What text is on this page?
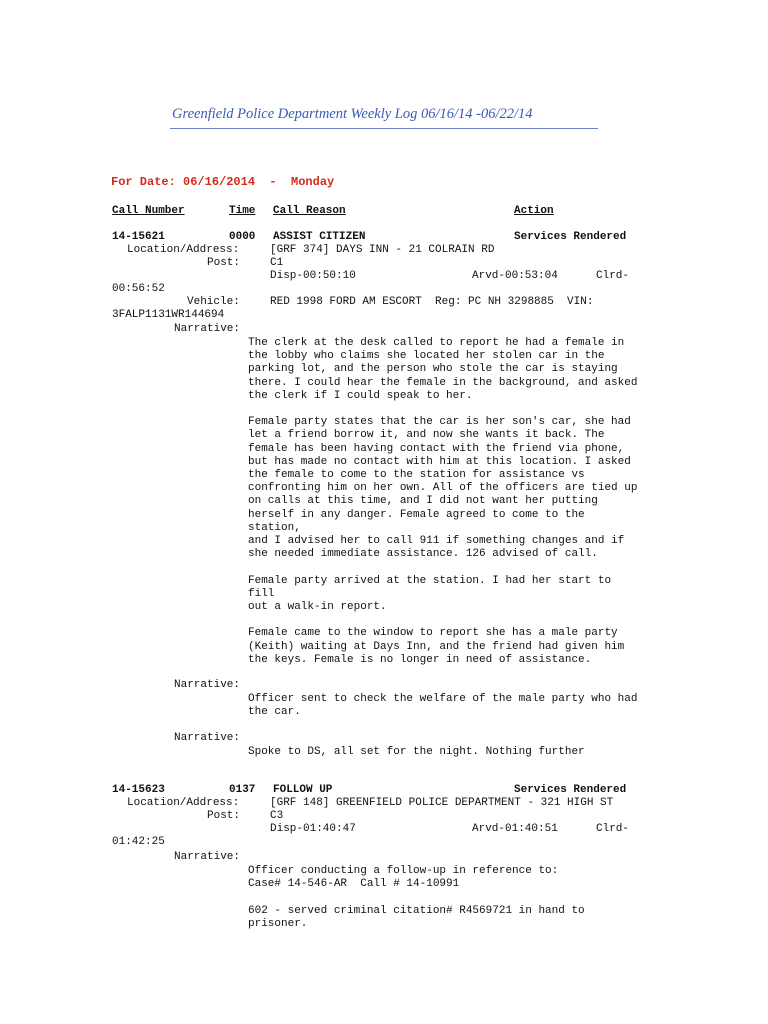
Greenfield Police Department Weekly Log 06/16/14 -06/22/14
For Date: 06/16/2014  -  Monday
Call Number	Time Call Reason	Action
14-15621	0000 ASSIST CITIZEN	Services Rendered
Location/Address:	[GRF 374] DAYS INN - 21 COLRAIN RD
Post:	C1
Disp-00:50:10	Arvd-00:53:04	Clrd-
00:56:52
Vehicle:	RED 1998 FORD AM ESCORT  Reg: PC NH 3298885  VIN:
3FALP1131WR144694
Narrative:
The clerk at the desk called to report he had a female in
the lobby who claims she located her stolen car in the
parking lot, and the person who stole the car is staying
there. I could hear the female in the background, and asked
the clerk if I could speak to her.

Female party states that the car is her son's car, she had
let a friend borrow it, and now she wants it back. The
female has been having contact with the friend via phone,
but has made no contact with him at this location. I asked
the female to come to the station for assistance vs
confronting him on her own. All of the officers are tied up
on calls at this time, and I did not want her putting
herself in any danger. Female agreed to come to the
station,
and I advised her to call 911 if something changes and if
she needed immediate assistance. 126 advised of call.

Female party arrived at the station. I had her start to
fill
out a walk-in report.

Female came to the window to report she has a male party
(Keith) waiting at Days Inn, and the friend had given him
the keys. Female is no longer in need of assistance.
Narrative:
Officer sent to check the welfare of the male party who had
the car.
Narrative:
Spoke to DS, all set for the night. Nothing further
14-15623	0137 FOLLOW UP	Services Rendered
Location/Address:	[GRF 148] GREENFIELD POLICE DEPARTMENT - 321 HIGH ST
Post:	C3
Disp-01:40:47	Arvd-01:40:51	Clrd-
01:42:25
Narrative:
Officer conducting a follow-up in reference to:
Case# 14-546-AR  Call # 14-10991

602 - served criminal citation# R4569721 in hand to
prisoner.
